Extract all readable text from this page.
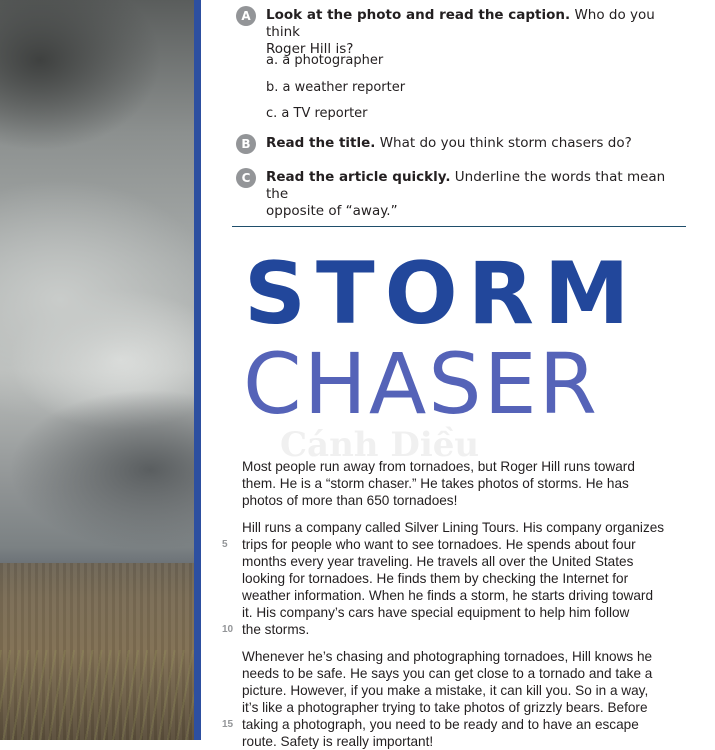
A	Look at the photo and read the caption. Who do you think
Roger Hill is?
a. a photographer
b. a weather reporter
c. a TV reporter
B	Read the title. What do you think storm chasers do?
C	Read the article quickly. Underline the words that mean the
opposite of “away.”
STORM
CHASER
Cánh Diều
Most people run away from tornadoes, but Roger Hill runs toward
them. He is a “storm chaser.” He takes photos of storms. He has
photos of more than 650 tornadoes!
Hill runs a company called Silver Lining Tours. His company organizes
trips for people who want to see tornadoes. He spends about four
months every year traveling. He travels all over the United States
looking for tornadoes. He finds them by checking the Internet for
weather information. When he finds a storm, he starts driving toward
it. His company’s cars have special equipment to help him follow
the storms.
Whenever he’s chasing and photographing tornadoes, Hill knows he
needs to be safe. He says you can get close to a tornado and take a
picture. However, if you make a mistake, it can kill you. So in a way,
it’s like a photographer trying to take photos of grizzly bears. Before
taking a photograph, you need to be ready and to have an escape
route. Safety is really important!
5
10
15
